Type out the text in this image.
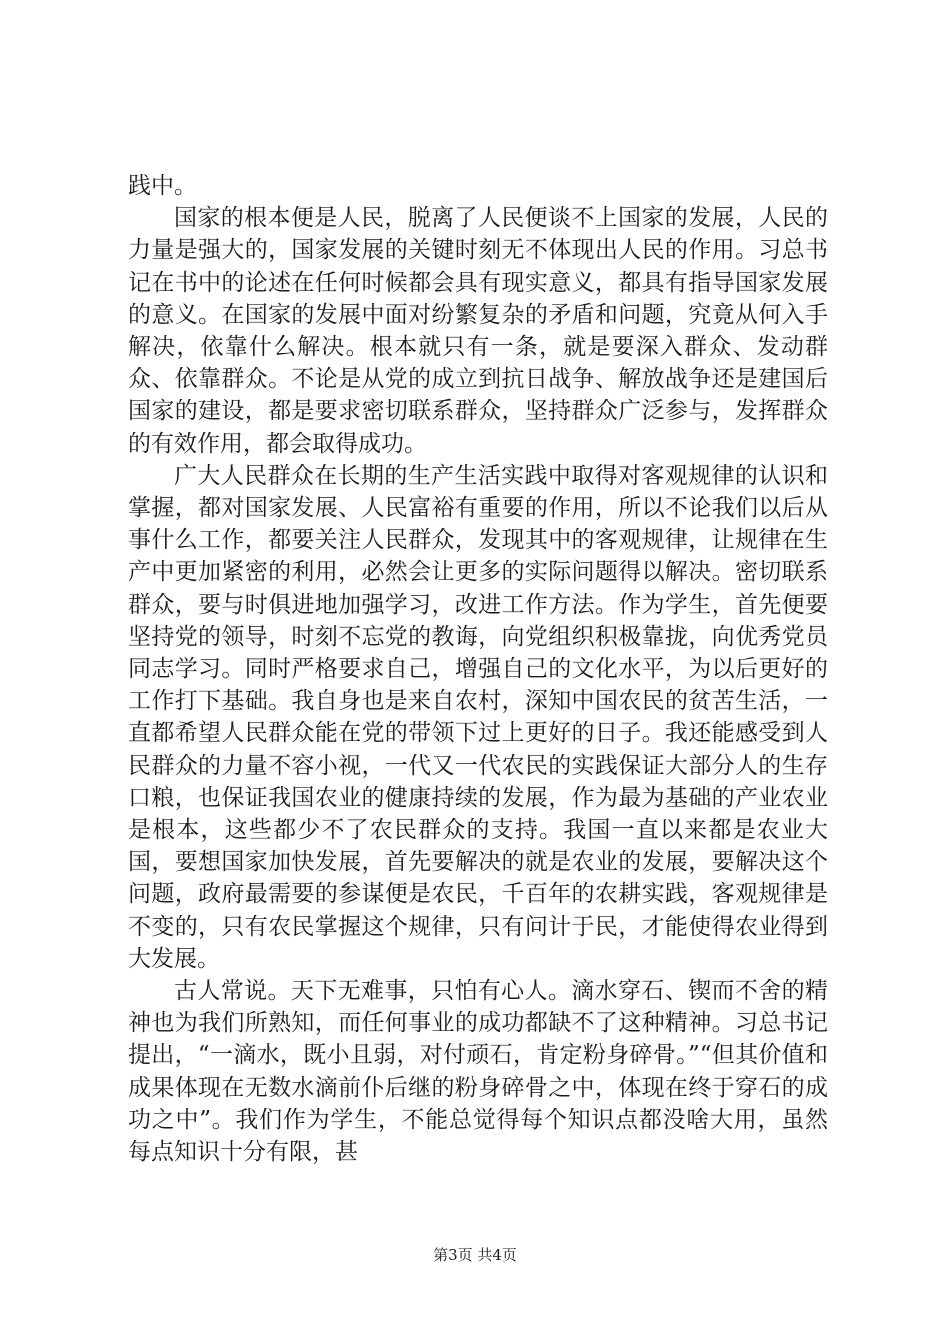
践中。

国家的根本便是人民，脱离了人民便谈不上国家的发展，人民的力量是强大的，国家发展的关键时刻无不体现出人民的作用。习总书记在书中的论述在任何时候都会具有现实意义，都具有指导国家发展的意义。在国家的发展中面对纷繁复杂的矛盾和问题，究竟从何入手解决，依靠什么解决。根本就只有一条，就是要深入群众、发动群众、依靠群众。不论是从党的成立到抗日战争、解放战争还是建国后国家的建设，都是要求密切联系群众，坚持群众广泛参与，发挥群众的有效作用，都会取得成功。

广大人民群众在长期的生产生活实践中取得对客观规律的认识和掌握，都对国家发展、人民富裕有重要的作用，所以不论我们以后从事什么工作，都要关注人民群众，发现其中的客观规律，让规律在生产中更加紧密的利用，必然会让更多的实际问题得以解决。密切联系群众，要与时俱进地加强学习，改进工作方法。作为学生，首先便要坚持党的领导，时刻不忘党的教诲，向党组织积极靠拢，向优秀党员同志学习。同时严格要求自己，增强自己的文化水平，为以后更好的工作打下基础。我自身也是来自农村，深知中国农民的贫苦生活，一直都希望人民群众能在党的带领下过上更好的日子。我还能感受到人民群众的力量不容小视，一代又一代农民的实践保证大部分人的生存口粮，也保证我国农业的健康持续的发展，作为最为基础的产业农业是根本，这些都少不了农民群众的支持。我国一直以来都是农业大国，要想国家加快发展，首先要解决的就是农业的发展，要解决这个问题，政府最需要的参谋便是农民，千百年的农耕实践，客观规律是不变的，只有农民掌握这个规律，只有问计于民，才能使得农业得到大发展。

古人常说。天下无难事，只怕有心人。滴水穿石、锲而不舍的精神也为我们所熟知，而任何事业的成功都缺不了这种精神。习总书记提出，“一滴水，既小且弱，对付顽石，肯定粉身碎骨。”“但其价值和成果体现在无数水滴前仆后继的粉身碎骨之中，体现在终于穿石的成功之中”。我们作为学生，不能总觉得每个知识点都没啥大用，虽然每点知识十分有限，甚

第3页 共4页
